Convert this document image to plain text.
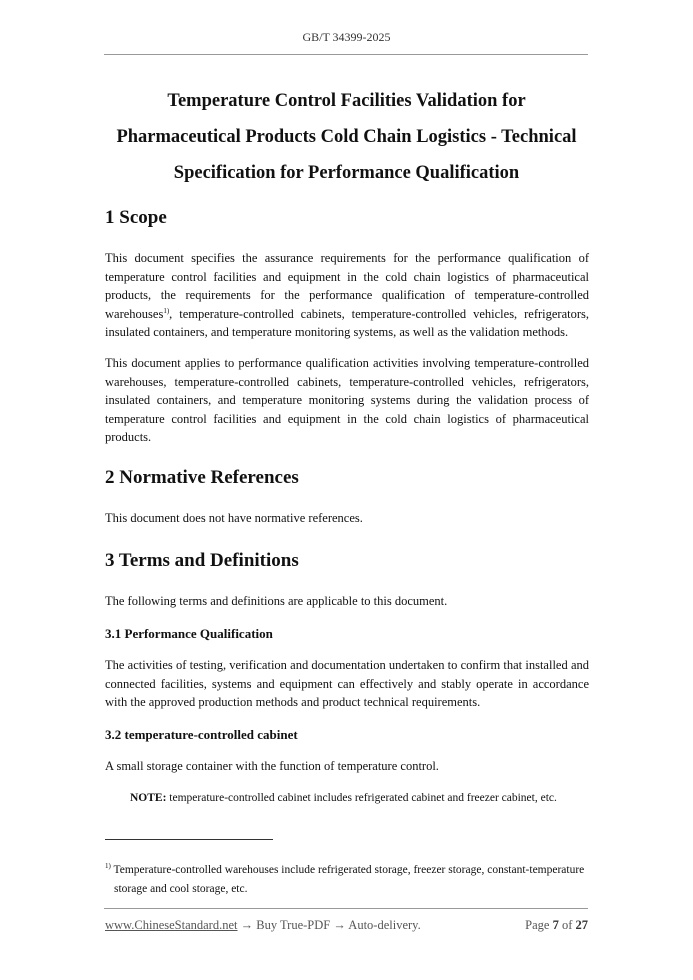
GB/T 34399-2025
Temperature Control Facilities Validation for
Pharmaceutical Products Cold Chain Logistics - Technical
Specification for Performance Qualification
1 Scope
This document specifies the assurance requirements for the performance qualification of temperature control facilities and equipment in the cold chain logistics of pharmaceutical products, the requirements for the performance qualification of temperature-controlled warehouses$^{1)}$, temperature-controlled cabinets, temperature-controlled vehicles, refrigerators, insulated containers, and temperature monitoring systems, as well as the validation methods.
This document applies to performance qualification activities involving temperature-controlled warehouses, temperature-controlled cabinets, temperature-controlled vehicles, refrigerators, insulated containers, and temperature monitoring systems during the validation process of temperature control facilities and equipment in the cold chain logistics of pharmaceutical products.
2 Normative References
This document does not have normative references.
3 Terms and Definitions
The following terms and definitions are applicable to this document.
3.1 Performance Qualification
The activities of testing, verification and documentation undertaken to confirm that installed and connected facilities, systems and equipment can effectively and stably operate in accordance with the approved production methods and product technical requirements.
3.2 temperature-controlled cabinet
A small storage container with the function of temperature control.
NOTE: temperature-controlled cabinet includes refrigerated cabinet and freezer cabinet, etc.
$^{1)}$ Temperature-controlled warehouses include refrigerated storage, freezer storage, constant-temperature
storage and cool storage, etc.
www.ChineseStandard.net → Buy True-PDF → Auto-delivery.	Page 7 of 27
